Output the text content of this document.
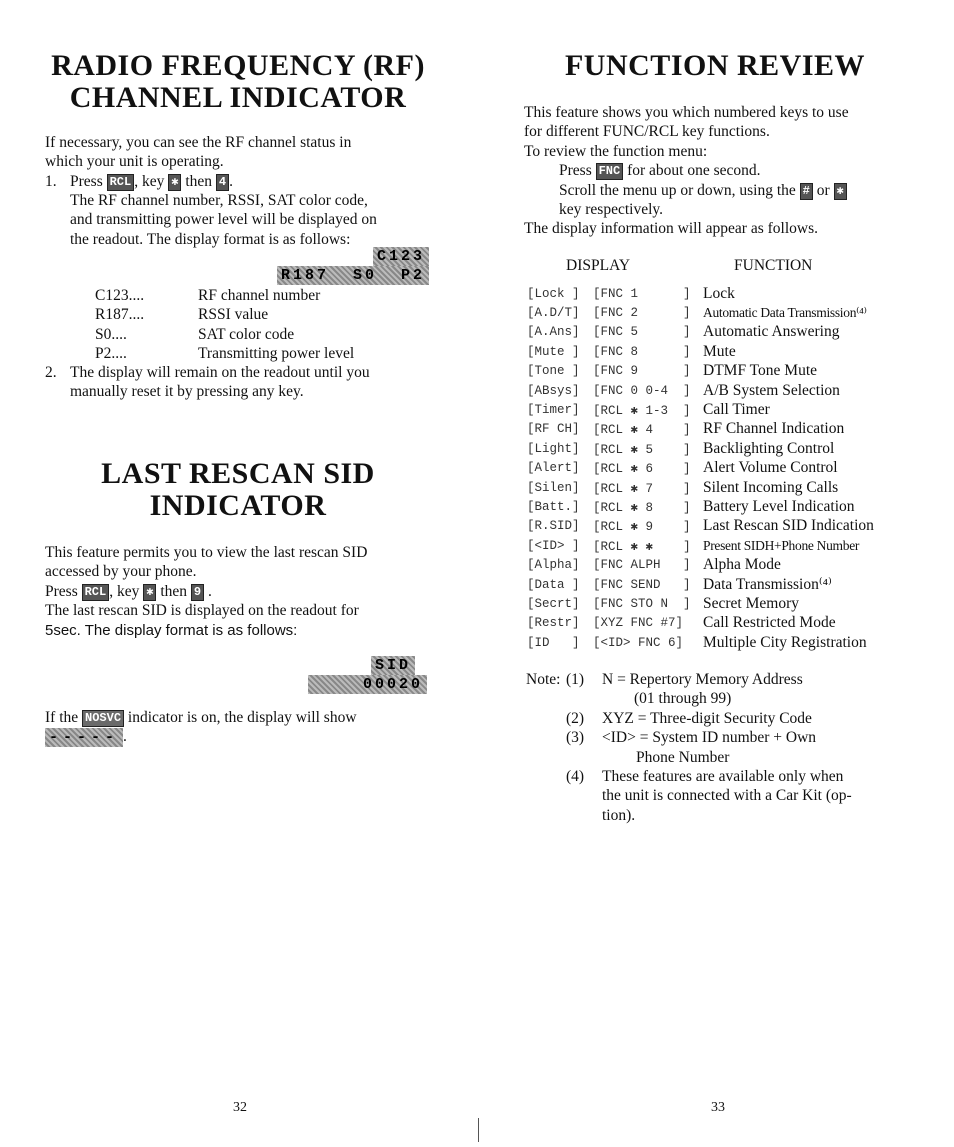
RADIO FREQUENCY (RF)
CHANNEL INDICATOR
If necessary, you can see the RF channel status in
which your unit is operating.
1. Press RCL , key ✱ then 4 .
The RF channel number, RSSI, SAT color code,
and transmitting power level will be displayed on
the readout. The display format is as follows:
C123
R187  S0  P2
C123....	RF channel number
R187....	RSSI value
S0....	SAT color code
P2....	Transmitting power level
2. The display will remain on the readout until you
manually reset it by pressing any key.
LAST RESCAN SID
INDICATOR
This feature permits you to view the last rescan SID
accessed by your phone.
Press RCL , key ✱ then 9 .
The last rescan SID is displayed on the readout for
5sec. The display format is as follows:
SID
00020
If the NOSVC indicator is on, the display will show
----- .
32
FUNCTION REVIEW
This feature shows you which numbered keys to use
for different FUNC/RCL key functions.
To review the function menu:
Press FNC for about one second.
Scroll the menu up or down, using the # or ✱
key respectively.
The display information will appear as follows.
DISPLAY	FUNCTION
[Lock ]	[FNC 1      ] Lock
[A.D/T]	[FNC 2      ] Automatic Data Transmission⁽⁴⁾
[A.Ans]	[FNC 5      ] Automatic Answering
[Mute ]	[FNC 8      ] Mute
[Tone ]	[FNC 9      ] DTMF Tone Mute
[ABsys]	[FNC 0 0-4  ] A/B System Selection
[Timer]	[RCL ✱ 1-3  ] Call Timer
[RF CH]	[RCL ✱ 4    ] RF Channel Indication
[Light]	[RCL ✱ 5    ] Backlighting Control
[Alert]	[RCL ✱ 6    ] Alert Volume Control
[Silen]	[RCL ✱ 7    ] Silent Incoming Calls
[Batt.]	[RCL ✱ 8    ] Battery Level Indication
[R.SID]	[RCL ✱ 9    ] Last Rescan SID Indication
[<ID> ]	[RCL ✱ ✱    ] Present SIDH+Phone Number
[Alpha]	[FNC ALPH   ] Alpha Mode
[Data ]	[FNC SEND   ] Data Transmission⁽⁴⁾
[Secrt]	[FNC STO N  ] Secret Memory
[Restr]	[XYZ FNC #7]	Call Restricted Mode
[ID   ]	[<ID> FNC 6]	Multiple City Registration
Note: (1)	N = Repertory Memory Address
(01 through 99)
(2)	XYZ = Three-digit Security Code
(3)	<ID> = System ID number + Own
Phone Number
(4)	These features are available only when
the unit is connected with a Car Kit (op-
tion).
33
